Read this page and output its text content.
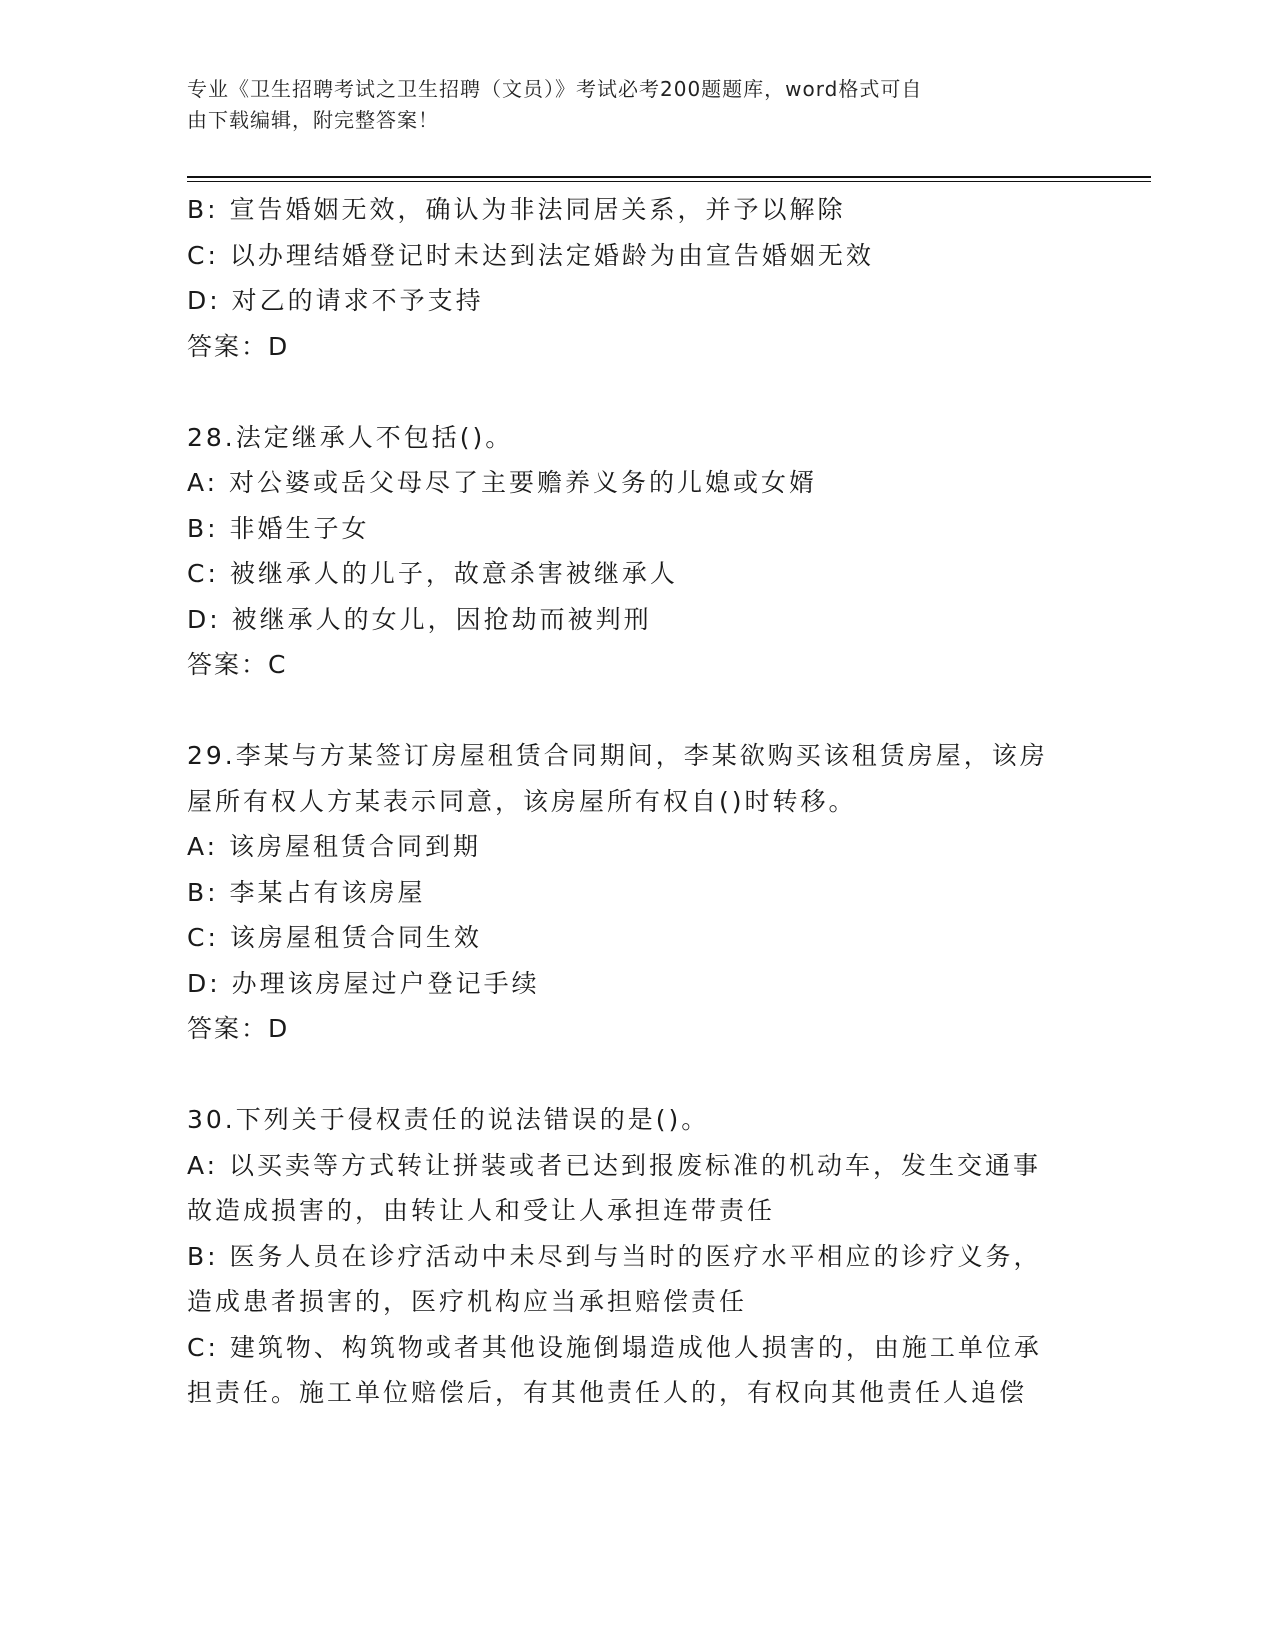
专业《卫生招聘考试之卫生招聘（文员）》考试必考200题题库，word格式可自
由下载编辑，附完整答案！
B: 宣告婚姻无效，确认为非法同居关系，并予以解除
C: 以办理结婚登记时未达到法定婚龄为由宣告婚姻无效
D: 对乙的请求不予支持
答案：D
28.法定继承人不包括()。
A: 对公婆或岳父母尽了主要赡养义务的儿媳或女婿
B: 非婚生子女
C: 被继承人的儿子，故意杀害被继承人
D: 被继承人的女儿，因抢劫而被判刑
答案：C
29.李某与方某签订房屋租赁合同期间，李某欲购买该租赁房屋，该房
屋所有权人方某表示同意，该房屋所有权自()时转移。
A: 该房屋租赁合同到期
B: 李某占有该房屋
C: 该房屋租赁合同生效
D: 办理该房屋过户登记手续
答案：D
30.下列关于侵权责任的说法错误的是()。
A: 以买卖等方式转让拼装或者已达到报废标准的机动车，发生交通事
故造成损害的，由转让人和受让人承担连带责任
B: 医务人员在诊疗活动中未尽到与当时的医疗水平相应的诊疗义务，
造成患者损害的，医疗机构应当承担赔偿责任
C: 建筑物、构筑物或者其他设施倒塌造成他人损害的，由施工单位承
担责任。施工单位赔偿后，有其他责任人的，有权向其他责任人追偿
